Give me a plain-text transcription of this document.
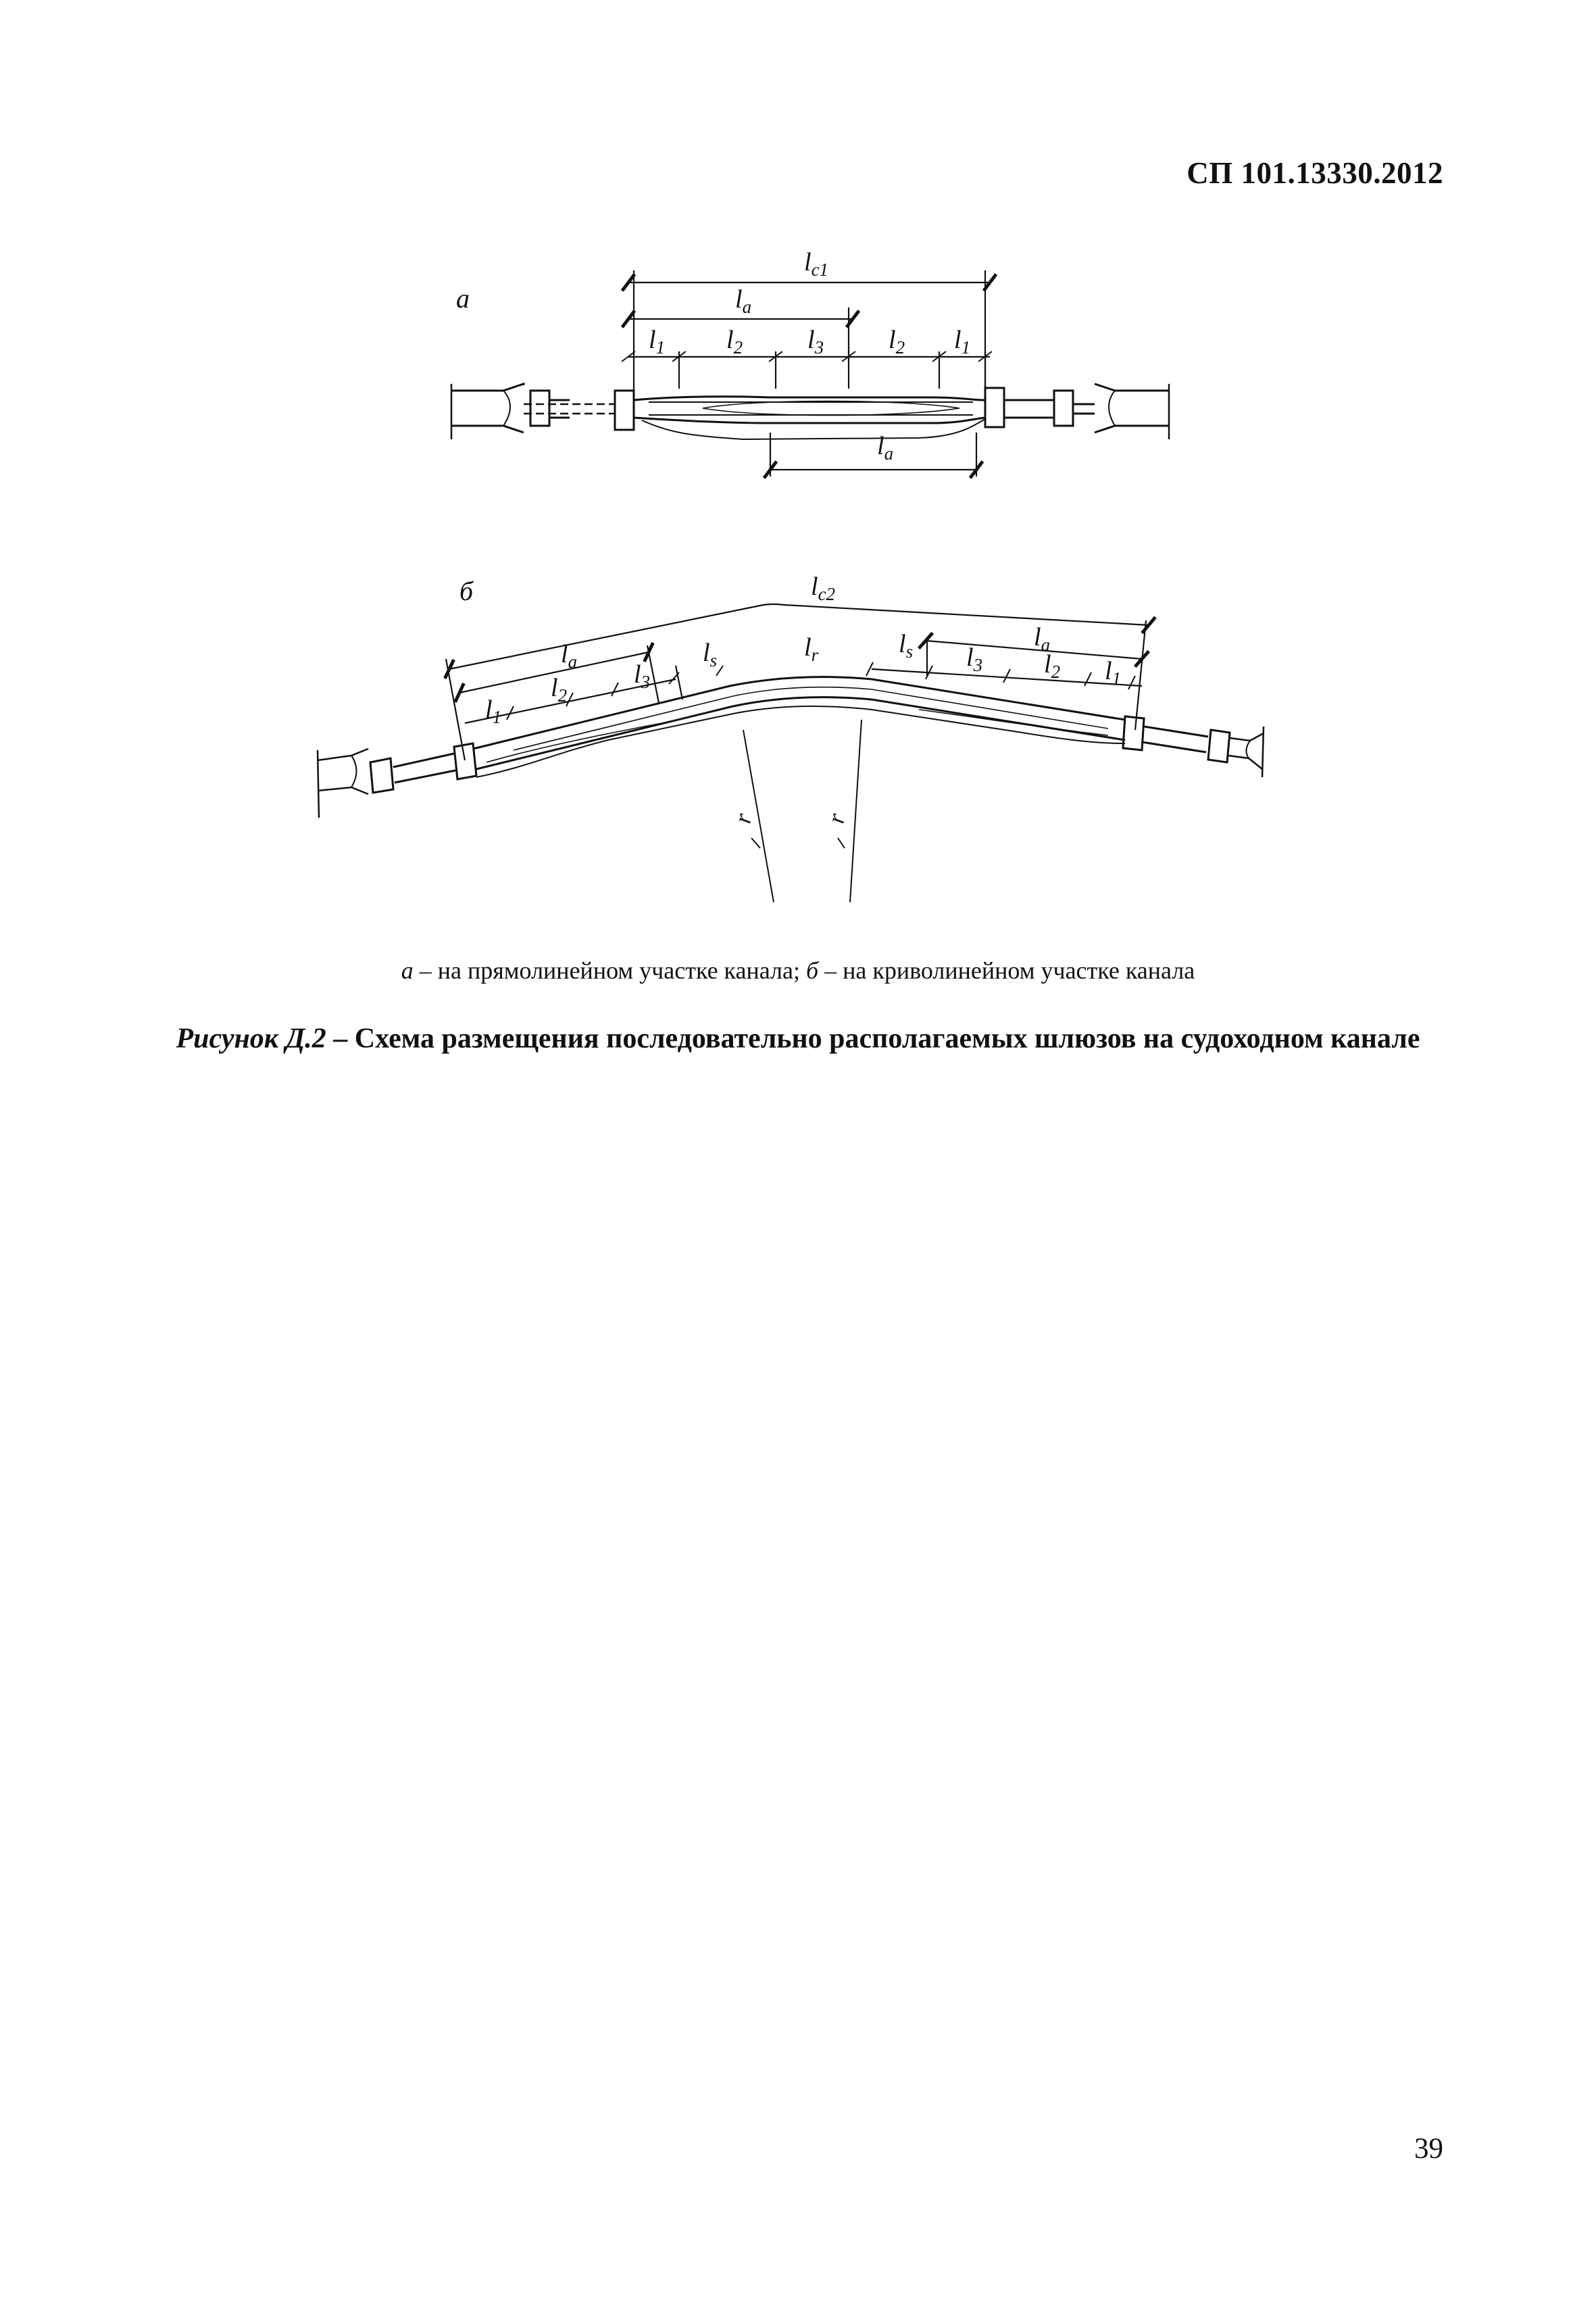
СП 101.13330.2012
а
$l_{c1}$
$l_a$
$l_1$ $l_2$	$l_3$	$l_2$ $l_1$
$l_a$
б	$l_{c2}$
$l_a$
$l_1$
$l_2$
$l_3$
$l_s$	$l_r$	$l_s$ $l_3$ $l_2$ $l_1$
$l_a$
r	r
а – на прямолинейном участке канала; б – на криволинейном участке канала
Рисунок Д.2 – Схема размещения последовательно располагаемых шлюзов на судоходном канале
39
